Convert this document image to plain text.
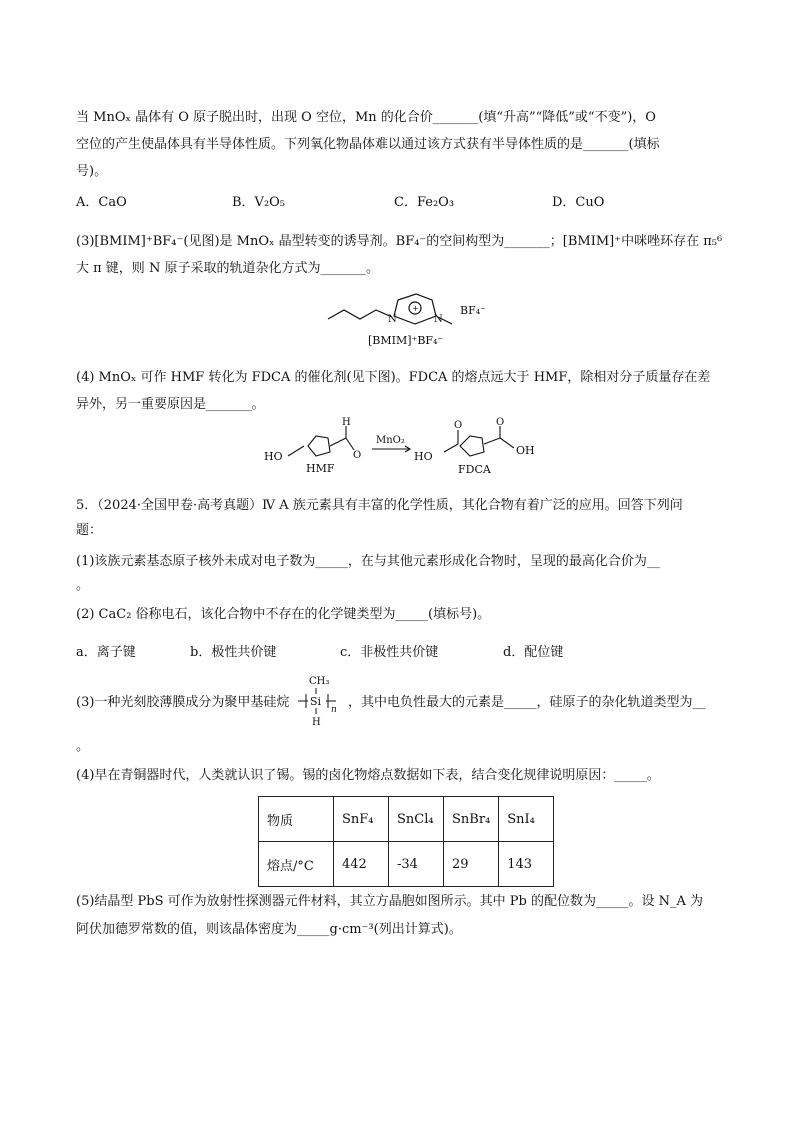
当 MnOₓ 晶体有 O 原子脱出时，出现 O 空位，Mn 的化合价_______(填“升高”“降低”或“不变”)，O
空位的产生使晶体具有半导体性质。下列氧化物晶体难以通过该方式获有半导体性质的是_______(填标
号)。
A．CaO	B．V₂O₅	C．Fe₂O₃	D．CuO
(3)[BMIM]⁺BF₄⁻(见图)是 MnOₓ 晶型转变的诱导剂。BF₄⁻的空间构型为_______；[BMIM]⁺中咪唑环存在 π₅⁶
大 π 键，则 N 原子采取的轨道杂化方式为_______。
+
N	N
BF₄⁻
[BMIM]⁺BF₄⁻
(4) MnOₓ 可作 HMF 转化为 FDCA 的催化剂(见下图)。FDCA 的熔点远大于 HMF，除相对分子质量存在差
异外，另一重要原因是_______。
HO
H
O
HMF
MnO₂
HO
O	O
OH
FDCA
5．（2024·全国甲卷·高考真题）Ⅳ A 族元素具有丰富的化学性质，其化合物有着广泛的应用。回答下列问
题：
(1)该族元素基态原子核外未成对电子数为_____，在与其他元素形成化合物时，呈现的最高化合价为__
。
(2) CaC₂ 俗称电石，该化合物中不存在的化学键类型为_____(填标号)。
a．离子键	b．极性共价键	c．非极性共价键	d．配位键
(3)一种光刻胶薄膜成分为聚甲基硅烷
CH₃
Si
H
n ，其中电负性最大的元素是_____，硅原子的杂化轨道类型为__
。
(4)早在青铜器时代，人类就认识了锡。锡的卤化物熔点数据如下表，结合变化规律说明原因：_____。
物质	SnF₄	SnCl₄	SnBr₄	SnI₄
熔点/°C	442	-34	29	143
(5)结晶型 PbS 可作为放射性探测器元件材料，其立方晶胞如图所示。其中 Pb 的配位数为_____。设 N_A 为
阿伏加德罗常数的值，则该晶体密度为_____g·cm⁻³(列出计算式)。
